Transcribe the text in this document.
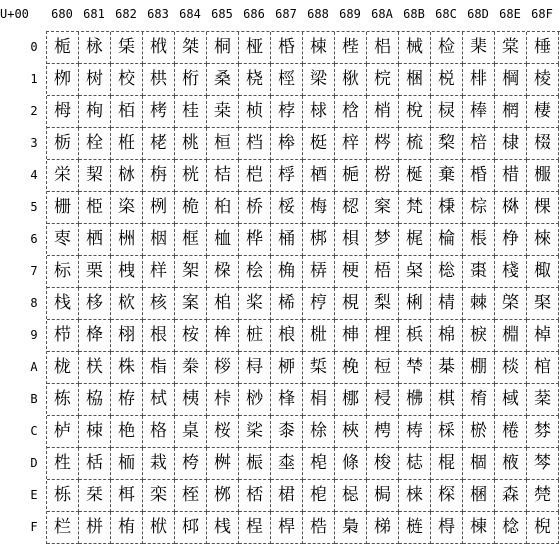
U+00	680 681 682 683 684 685 686 687 688 689 68A 68B 68C 68D 68E 68F
0
1
2
3
4
5
6
7
8
9
A
B
C
D
E
F
栀 栐 栠 栰 桀 桐 桠 桰 梀 梐 梠 械 检 棐 棠 棰
栁 树 校 栱 桁 桑 桡 桱 梁 梑 梡 梱 棁 棑 棡 棱
栂 栒 栢 栲 桂 桒 桢 桲 梂 梒 梢 梲 棂 棒 棢 棲
栃 栓 栣 栳 桃 桓 档 桳 梃 梓 梣 梳 棃 棓 棣 棳
栄 栔 栤 栴 桄 桔 桤 桴 梄 梔 梤 梴 棄 棔 棤 棴
栅 栕 栥 栵 桅 桕 桥 桵 梅 梕 梥 梵 棅 棕 棥 棵
栆 栖 栦 栶 框 桖 桦 桶 梆 梖 梦 梶 棆 棖 棦 棶
标 栗 栧 样 桇 桗 桧 桷 梇 梗 梧 梷 棇 棗 棧 棷
栈 栘 栨 核 案 桘 桨 桸 梈 梘 梨 梸 棈 棘 棨 棸
栉 栙 栩 根 桉 桙 桩 桹 梉 梙 梩 梹 棉 棙 棩 棹
栊 栚 株 栺 桊 桚 桪 桺 梊 梚 梪 梺 棊 棚 棪 棺
栋 栛 栫 栻 桋 桛 桫 桻 梋 梛 梫 梻 棋 棛 棫 棻
栌 栜 栬 格 桌 桜 桬 桼 梌 梜 梬 梼 棌 棜 棬 棼
栍 栝 栭 栽 桍 桝 桭 桽 梍 條 梭 梽 棍 棝 棭 棽
栎 栞 栮 栾 桎 桞 桮 桾 梎 梞 梮 梾 棎 棞 森 棾
栏 栟 栯 栿 桏 桟 桯 桿 梏 梟 梯 梿 棏 棟 棯 棿
